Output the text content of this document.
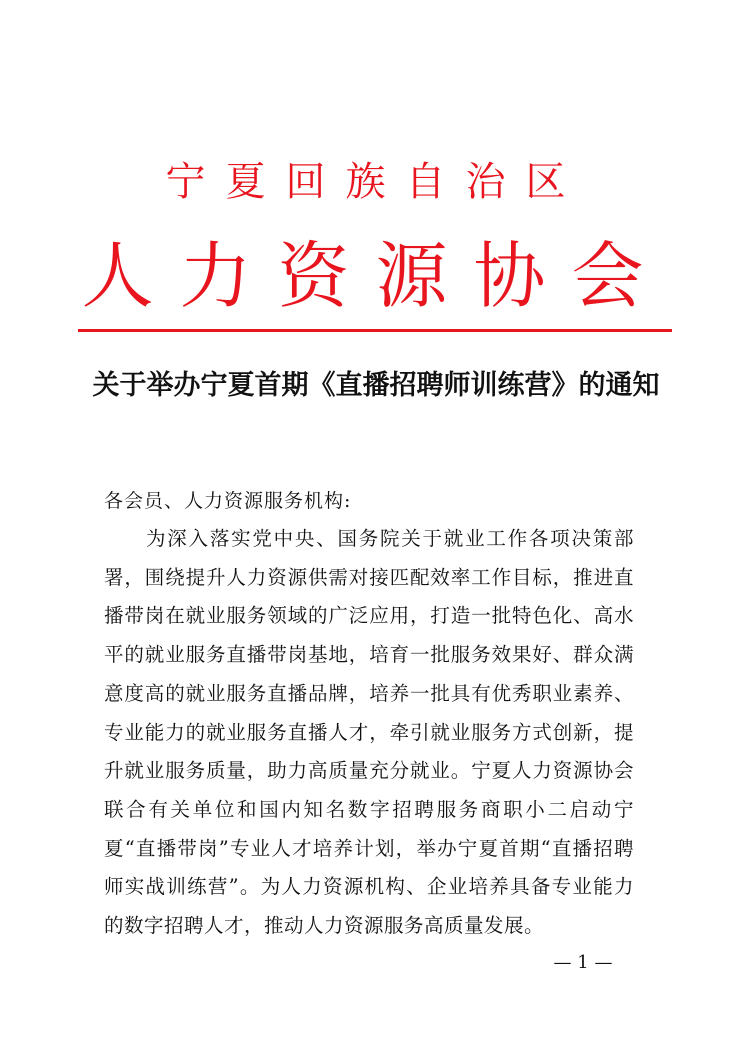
宁夏回族自治区
人力资源协会
关于举办宁夏首期《直播招聘师训练营》的通知
各会员、人力资源服务机构:
为深入落实党中央、国务院关于就业工作各项决策部署，围绕提升人力资源供需对接匹配效率工作目标，推进直播带岗在就业服务领域的广泛应用，打造一批特色化、高水平的就业服务直播带岗基地，培育一批服务效果好、群众满意度高的就业服务直播品牌，培养一批具有优秀职业素养、专业能力的就业服务直播人才，牵引就业服务方式创新，提升就业服务质量，助力高质量充分就业。宁夏人力资源协会联合有关单位和国内知名数字招聘服务商职小二启动宁夏“直播带岗”专业人才培养计划，举办宁夏首期“直播招聘师实战训练营”。为人力资源机构、企业培养具备专业能力的数字招聘人才，推动人力资源服务高质量发展。
— 1 —
